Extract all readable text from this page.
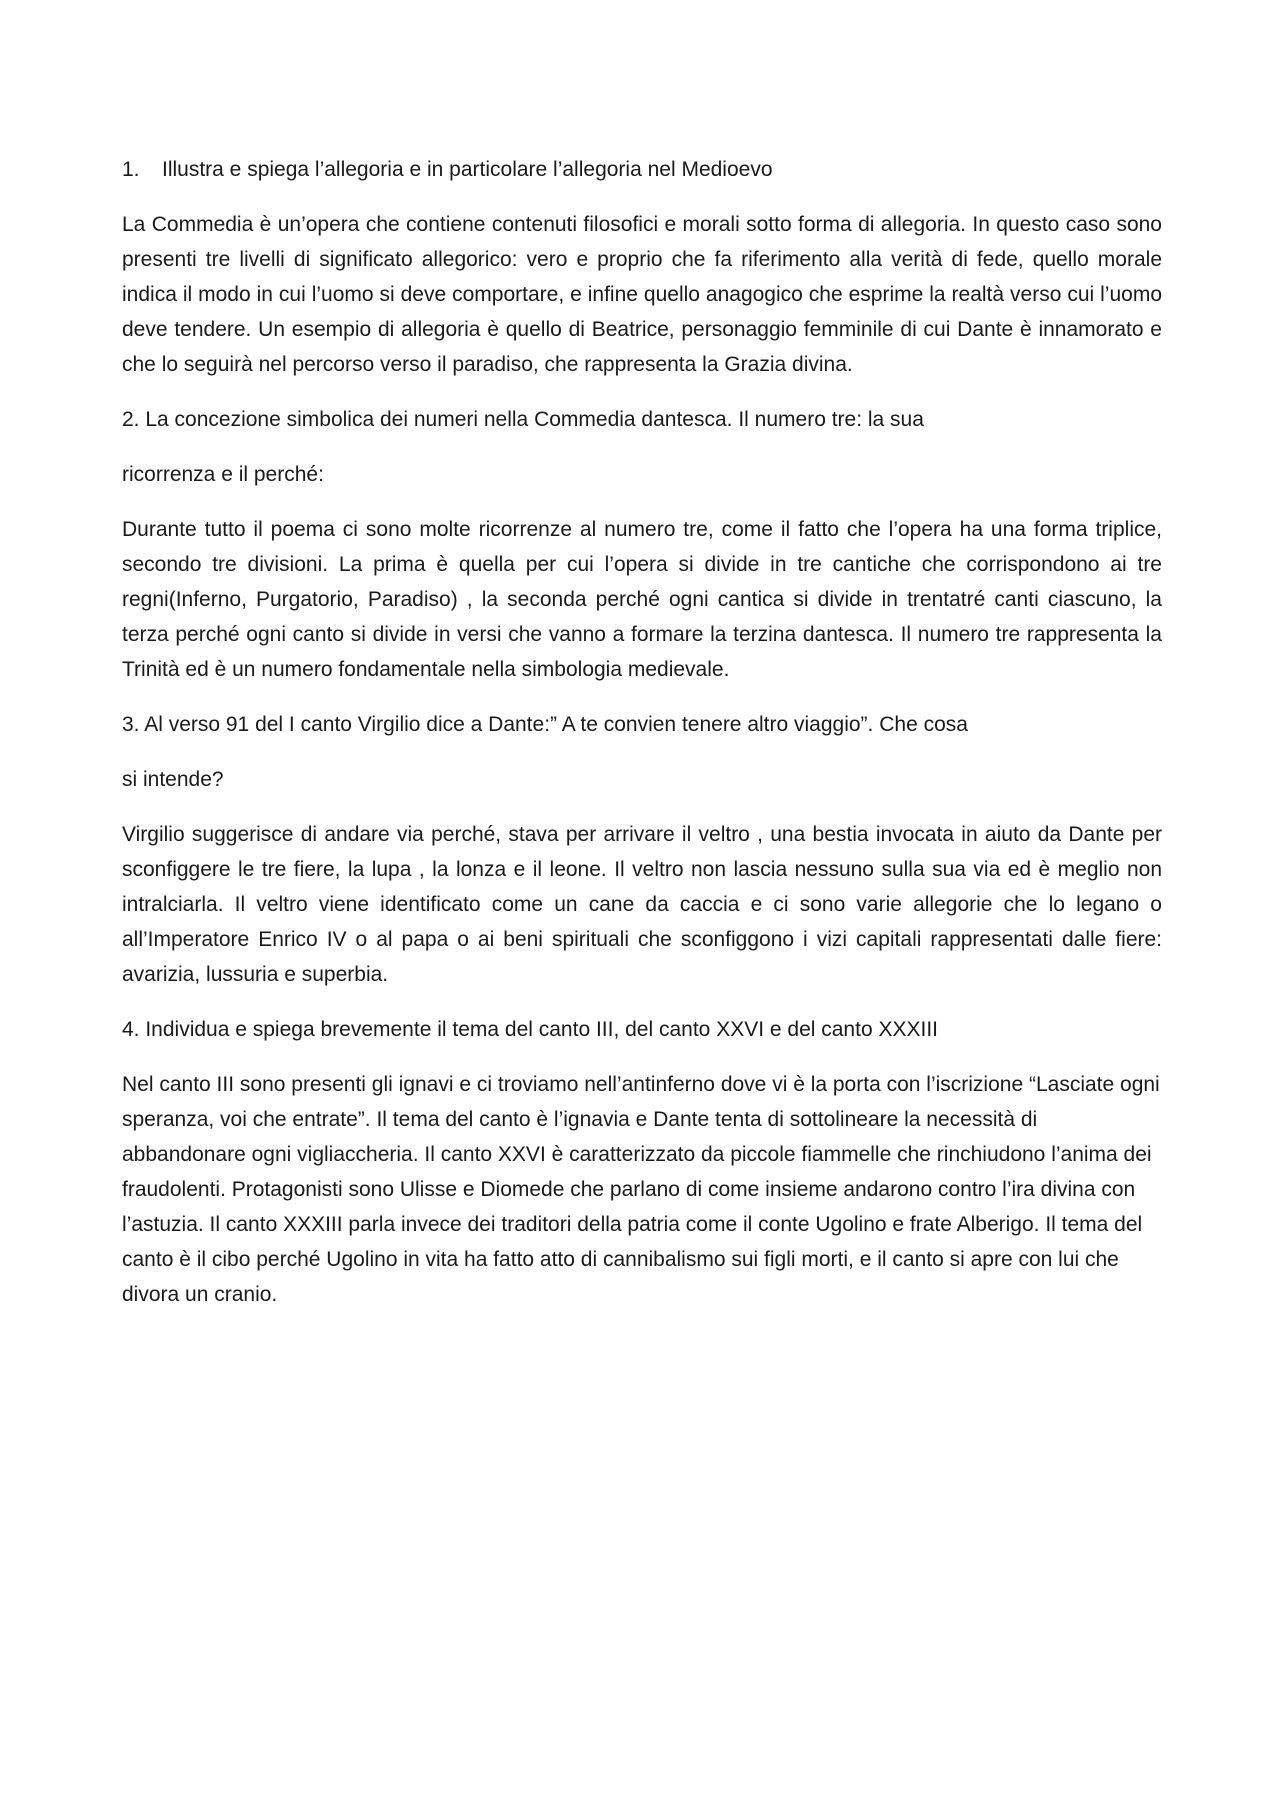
1.	Illustra e spiega l’allegoria e in particolare l’allegoria nel Medioevo

La Commedia è un’opera che contiene contenuti filosofici e morali sotto forma di allegoria. In questo caso sono presenti tre livelli di significato allegorico: vero e proprio che fa riferimento alla verità di fede, quello morale indica il modo in cui l’uomo si deve comportare, e infine quello anagogico che esprime la realtà verso cui l’uomo deve tendere. Un esempio di allegoria è quello di Beatrice, personaggio femminile di cui Dante è innamorato e che lo seguirà nel percorso verso il paradiso, che rappresenta la Grazia divina.

2. La concezione simbolica dei numeri nella Commedia dantesca. Il numero tre: la sua

ricorrenza e il perché:

Durante tutto il poema ci sono molte ricorrenze al numero tre, come il fatto che l’opera ha una forma triplice, secondo tre divisioni. La prima è quella per cui l’opera si divide in tre cantiche che corrispondono ai tre regni(Inferno, Purgatorio, Paradiso) , la seconda perché ogni cantica si divide in trentatré canti ciascuno, la terza perché ogni canto si divide in versi che vanno a formare la terzina dantesca. Il numero tre rappresenta la Trinità ed è un numero fondamentale nella simbologia medievale.

3. Al verso 91 del I canto Virgilio dice a Dante:” A te convien tenere altro viaggio”. Che cosa

si intende?

Virgilio suggerisce di andare via perché, stava per arrivare il veltro , una bestia invocata in aiuto da Dante per sconfiggere le tre fiere, la lupa , la lonza e il leone. Il veltro non lascia nessuno sulla sua via ed è meglio non intralciarla. Il veltro viene identificato come un cane da caccia e ci sono varie allegorie che lo legano o all’Imperatore Enrico IV o al papa o ai beni spirituali che sconfiggono i vizi capitali rappresentati dalle fiere: avarizia, lussuria e superbia.

4. Individua e spiega brevemente il tema del canto III, del canto XXVI e del canto XXXIII

Nel canto III sono presenti gli ignavi e ci troviamo nell’antinferno dove vi è la porta con l’iscrizione “Lasciate ogni speranza, voi che entrate”. Il tema del canto è l’ignavia e Dante tenta di sottolineare la necessità di abbandonare ogni vigliaccheria. Il canto XXVI è caratterizzato da piccole fiammelle che rinchiudono l’anima dei fraudolenti. Protagonisti sono Ulisse e Diomede che parlano di come insieme andarono contro l’ira divina con l’astuzia. Il canto XXXIII parla invece dei traditori della patria come il conte Ugolino e frate Alberigo. Il tema del canto è il cibo perché Ugolino in vita ha fatto atto di cannibalismo sui figli morti, e il canto si apre con lui che divora un cranio.
